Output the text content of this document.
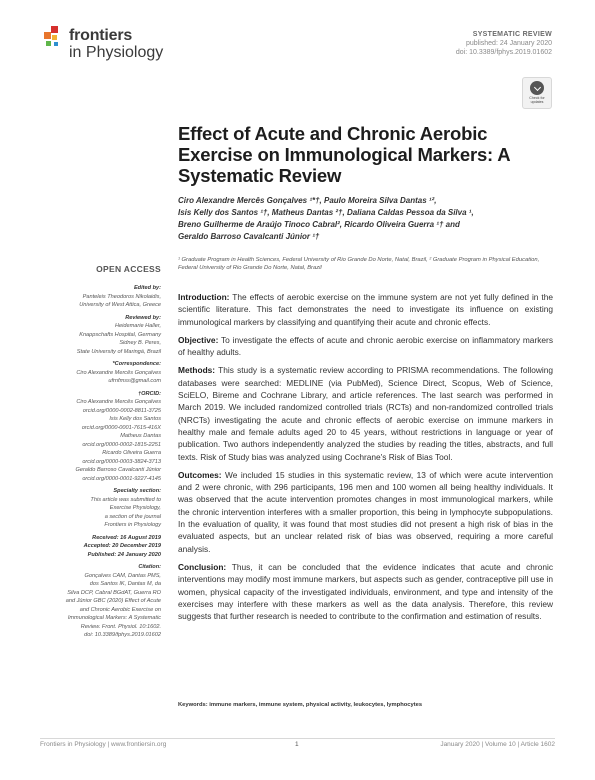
frontiers
in Physiology
SYSTEMATIC REVIEW
published: 24 January 2020
doi: 10.3389/fphys.2019.01602
Check for updates
Effect of Acute and Chronic Aerobic Exercise on Immunological Markers: A Systematic Review
Ciro Alexandre Mercês Gonçalves ¹*†, Paulo Moreira Silva Dantas ¹²,
Isis Kelly dos Santos ¹†, Matheus Dantas ²†, Daliana Caldas Pessoa da Silva ¹,
Breno Guilherme de Araújo Tinoco Cabral², Ricardo Oliveira Guerra ¹† and
Geraldo Barroso Cavalcanti Júnior ¹†
¹ Graduate Program in Health Sciences, Federal University of Rio Grande Do Norte, Natal, Brazil, ² Graduate Program in Physical Education, Federal University of Rio Grande Do Norte, Natal, Brazil
OPEN ACCESS
Edited by:
Panteleis Theodoros Nikolaidis,
University of West Attica, Greece
Reviewed by:
Heidemarie Haller,
Knappschafts Hospital, Germany
Sidney B. Peres,
State University of Maringá, Brazil
*Correspondence:
Ciro Alexandre Mercês Gonçalves
ufrnfmss@gmail.com
†ORCID:
Ciro Alexandre Mercês Gonçalves
orcid.org/0000-0002-8811-3725
Isis Kelly dos Santos
orcid.org/0000-0001-7615-416X
Matheus Dantas
orcid.org/0000-0002-1815-2251
Ricardo Oliveira Guerra
orcid.org/0000-0003-3824-3713
Geraldo Barroso Cavalcanti Júnior
orcid.org/0000-0001-9227-4145
Specialty section:
This article was submitted to
Exercise Physiology,
a section of the journal
Frontiers in Physiology
Received: 16 August 2019
Accepted: 20 December 2019
Published: 24 January 2020
Citation:
Gonçalves CAM, Dantas PMS,
dos Santos IK, Dantas M, da
Silva DCP, Cabral BGdAT, Guerra RO
and Júnior GBC (2020) Effect of Acute
and Chronic Aerobic Exercise on
Immunological Markers: A Systematic
Review. Front. Physiol. 10:1602.
doi: 10.3389/fphys.2019.01602

Introduction: The effects of aerobic exercise on the immune system are not yet fully defined in the scientific literature. This fact demonstrates the need to investigate its influence on existing immunological markers by classifying and quantifying their acute and chronic effects.

Objective: To investigate the effects of acute and chronic aerobic exercise on inflammatory markers of healthy adults.

Methods: This study is a systematic review according to PRISMA recommendations. The following databases were searched: MEDLINE (via PubMed), Science Direct, Scopus, Web of Science, SciELO, Bireme and Cochrane Library, and article references. The last search was performed in March 2019. We included randomized controlled trials (RCTs) and non-randomized controlled trials (NRCTs) investigating the acute and chronic effects of aerobic exercise on immune markers in healthy male and female adults aged 20 to 45 years, without restrictions in language or year of publication. Two authors independently analyzed the studies by reading the titles, abstracts, and full texts. Risk of Study bias was analyzed using Cochrane's Risk of Bias Tool.

Outcomes: We included 15 studies in this systematic review, 13 of which were acute intervention and 2 were chronic, with 296 participants, 196 men and 100 women all being healthy individuals. It was observed that the acute intervention promotes changes in most immunological markers, while the chronic intervention interferes with a smaller proportion, this being in lymphocyte subpopulations. In the evaluation of quality, it was found that most studies did not present a high risk of bias in the evaluated aspects, but an unclear related risk of bias was observed, requiring a more careful analysis.

Conclusion: Thus, it can be concluded that the evidence indicates that acute and chronic interventions may modify most immune markers, but aspects such as gender, contraceptive pill use in women, physical capacity of the investigated individuals, environment, and type and intensity of the exercises may interfere with these markers as well as the data analysis. Therefore, this review suggests that further research is needed to contribute to the confirmation and estimation of results.

Keywords: immune markers, immune system, physical activity, leukocytes, lymphocytes
Frontiers in Physiology | www.frontiersin.org	1	January 2020 | Volume 10 | Article 1602
